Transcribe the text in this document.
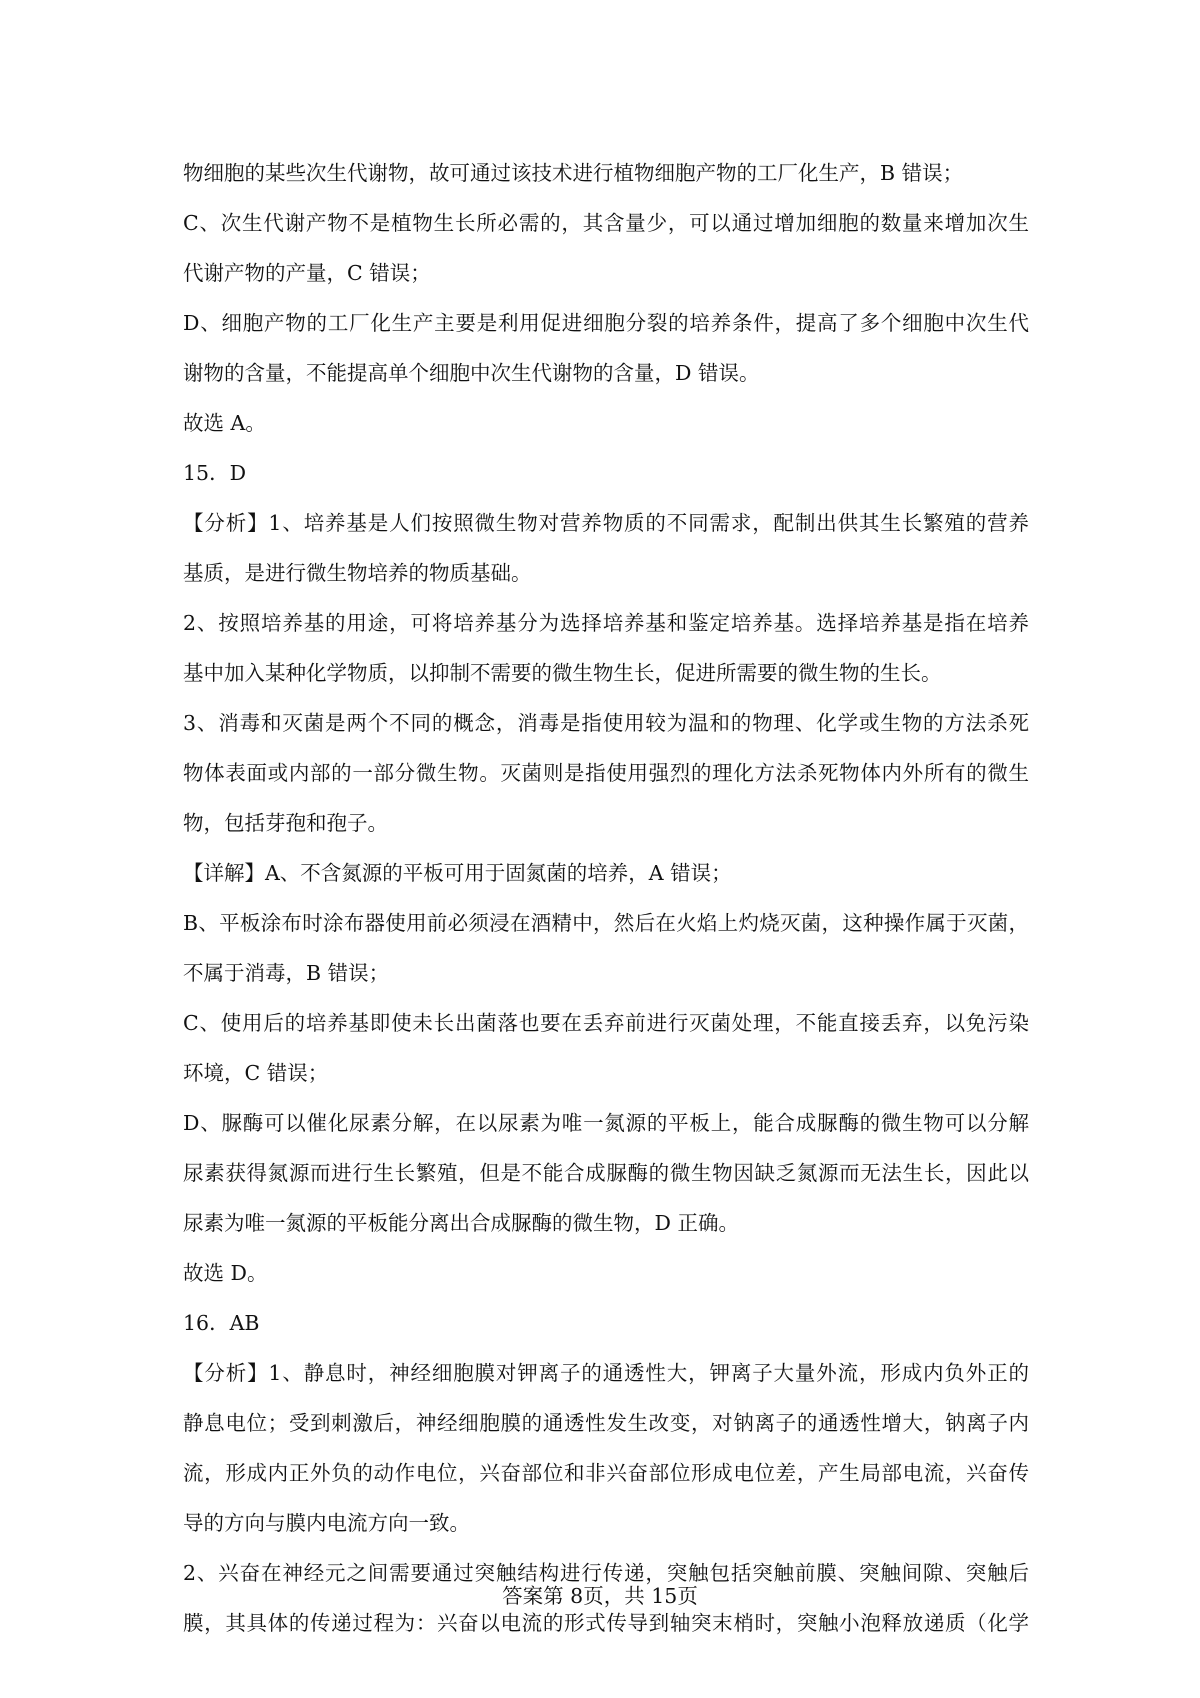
物细胞的某些次生代谢物，故可通过该技术进行植物细胞产物的工厂化生产，B 错误；
C、次生代谢产物不是植物生长所必需的，其含量少，可以通过增加细胞的数量来增加次生
代谢产物的产量，C 错误；
D、细胞产物的工厂化生产主要是利用促进细胞分裂的培养条件，提高了多个细胞中次生代
谢物的含量，不能提高单个细胞中次生代谢物的含量，D 错误。
故选 A。
15．D
【分析】1、培养基是人们按照微生物对营养物质的不同需求，配制出供其生长繁殖的营养
基质，是进行微生物培养的物质基础。
2、按照培养基的用途，可将培养基分为选择培养基和鉴定培养基。选择培养基是指在培养
基中加入某种化学物质，以抑制不需要的微生物生长，促进所需要的微生物的生长。
3、消毒和灭菌是两个不同的概念，消毒是指使用较为温和的物理、化学或生物的方法杀死
物体表面或内部的一部分微生物。灭菌则是指使用强烈的理化方法杀死物体内外所有的微生
物，包括芽孢和孢子。
【详解】A、不含氮源的平板可用于固氮菌的培养，A 错误；
B、平板涂布时涂布器使用前必须浸在酒精中，然后在火焰上灼烧灭菌，这种操作属于灭菌，
不属于消毒，B 错误；
C、使用后的培养基即使未长出菌落也要在丢弃前进行灭菌处理，不能直接丢弃，以免污染
环境，C 错误；
D、脲酶可以催化尿素分解，在以尿素为唯一氮源的平板上，能合成脲酶的微生物可以分解
尿素获得氮源而进行生长繁殖，但是不能合成脲酶的微生物因缺乏氮源而无法生长，因此以
尿素为唯一氮源的平板能分离出合成脲酶的微生物，D 正确。
故选 D。
16．AB
【分析】1、静息时，神经细胞膜对钾离子的通透性大，钾离子大量外流，形成内负外正的
静息电位；受到刺激后，神经细胞膜的通透性发生改变，对钠离子的通透性增大，钠离子内
流，形成内正外负的动作电位，兴奋部位和非兴奋部位形成电位差，产生局部电流，兴奋传
导的方向与膜内电流方向一致。
2、兴奋在神经元之间需要通过突触结构进行传递，突触包括突触前膜、突触间隙、突触后
膜，其具体的传递过程为：兴奋以电流的形式传导到轴突末梢时，突触小泡释放递质（化学
答案第 8页，共 15页
